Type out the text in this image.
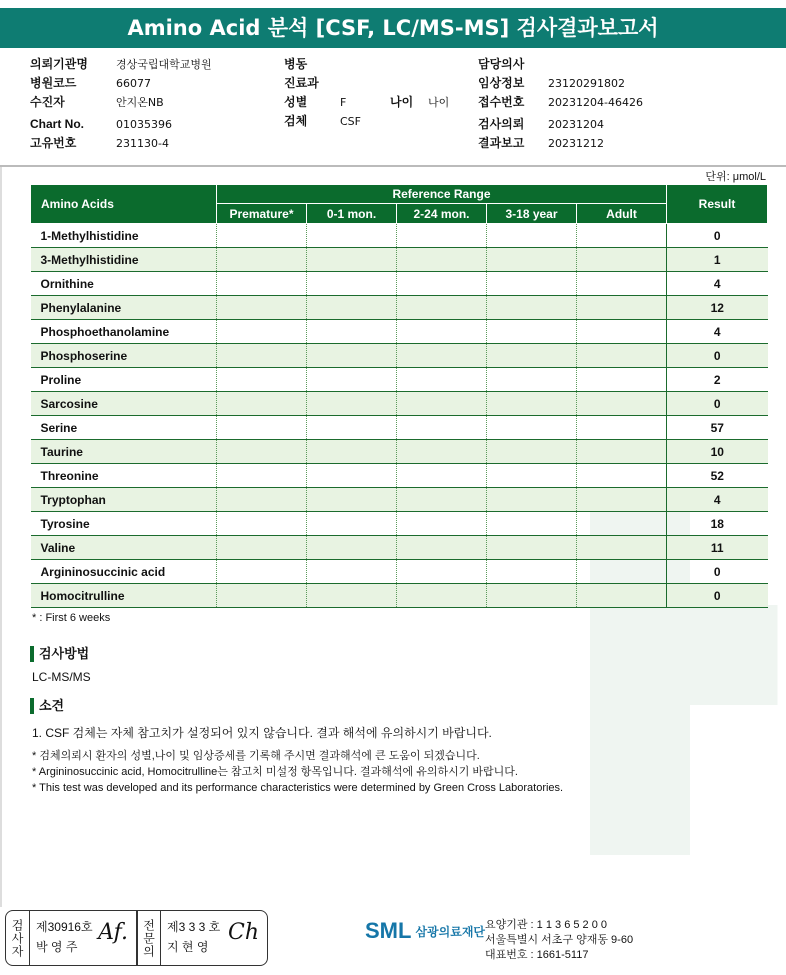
Amino Acid 분석 [CSF, LC/MS-MS] 검사결과보고서
의뢰기관명	경상국립대학교병원
병원코드	66077
수진자	안지온NB
Chart No.	01035396
고유번호	231130-4
병동
진료과
성별	F
검체	CSF
나이 나이
담당의사
임상정보 23120291802
접수번호 20231204-46426
검사의뢰 20231204
결과보고 20231212
단위: μmol/L
Amino Acids	Reference Range					Result
	Premature*	0-1 mon.	2-24 mon.	3-18 year	Adult	
1-Methylhistidine						0
3-Methylhistidine						1
Ornithine						4
Phenylalanine						12
Phosphoethanolamine						4
Phosphoserine						0
Proline						2
Sarcosine						0
Serine						57
Taurine						10
Threonine						52
Tryptophan						4
Tyrosine						18
Valine						11
Argininosuccinic acid						0
Homocitrulline						0
* : First 6 weeks
검사방법
LC-MS/MS
소견
1. CSF 검체는 자체 참고치가 설정되어 있지 않습니다. 결과 해석에 유의하시기 바랍니다.
* 검체의뢰시 환자의 성별,나이 및 임상증세를 기록해 주시면 결과해석에 큰 도움이 되겠습니다.
* Argininosuccinic acid, Homocitrulline는 참고치 미설정 항목입니다. 결과해석에 유의하시기 바랍니다.
* This test was developed and its performance characteristics were determined by Green Cross Laboratories.
검사자	제30916호
박 영 주
Af.	전문의 제3 3 3 호
지 현 영
Ch	SML 삼광의료재단 요양기관 : 1 1 3 6 5 2 0 0
서울특별시 서초구 양재동 9-60
대표번호 : 1661-5117
